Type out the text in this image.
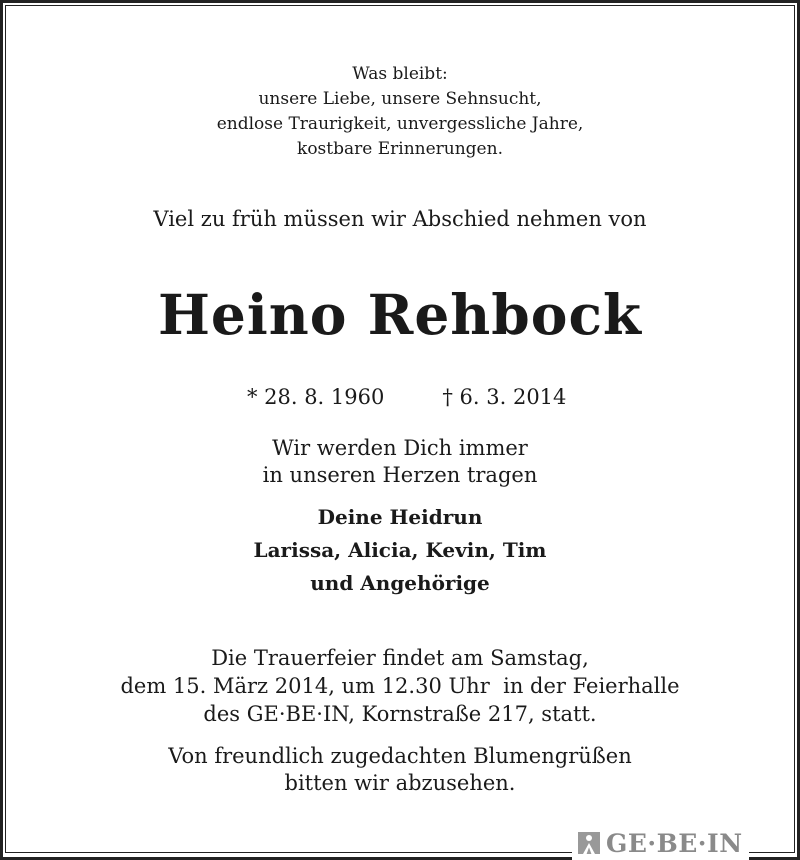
Was bleibt:
unsere Liebe, unsere Sehnsucht,
endlose Traurigkeit, unvergessliche Jahre,
kostbare Erinnerungen.
Viel zu früh müssen wir Abschied nehmen von
Heino Rehbock

* 28. 8. 1960	† 6. 3. 2014

Wir werden Dich immer
in unseren Herzen tragen
Deine Heidrun
Larissa, Alicia, Kevin, Tim
und Angehörige
Die Trauerfeier findet am Samstag,
dem 15. März 2014, um 12.30 Uhr  in der Feierhalle
des GE·BE·IN, Kornstraße 217, statt.
Von freundlich zugedachten Blumengrüßen
bitten wir abzusehen.
GE·BE·IN
